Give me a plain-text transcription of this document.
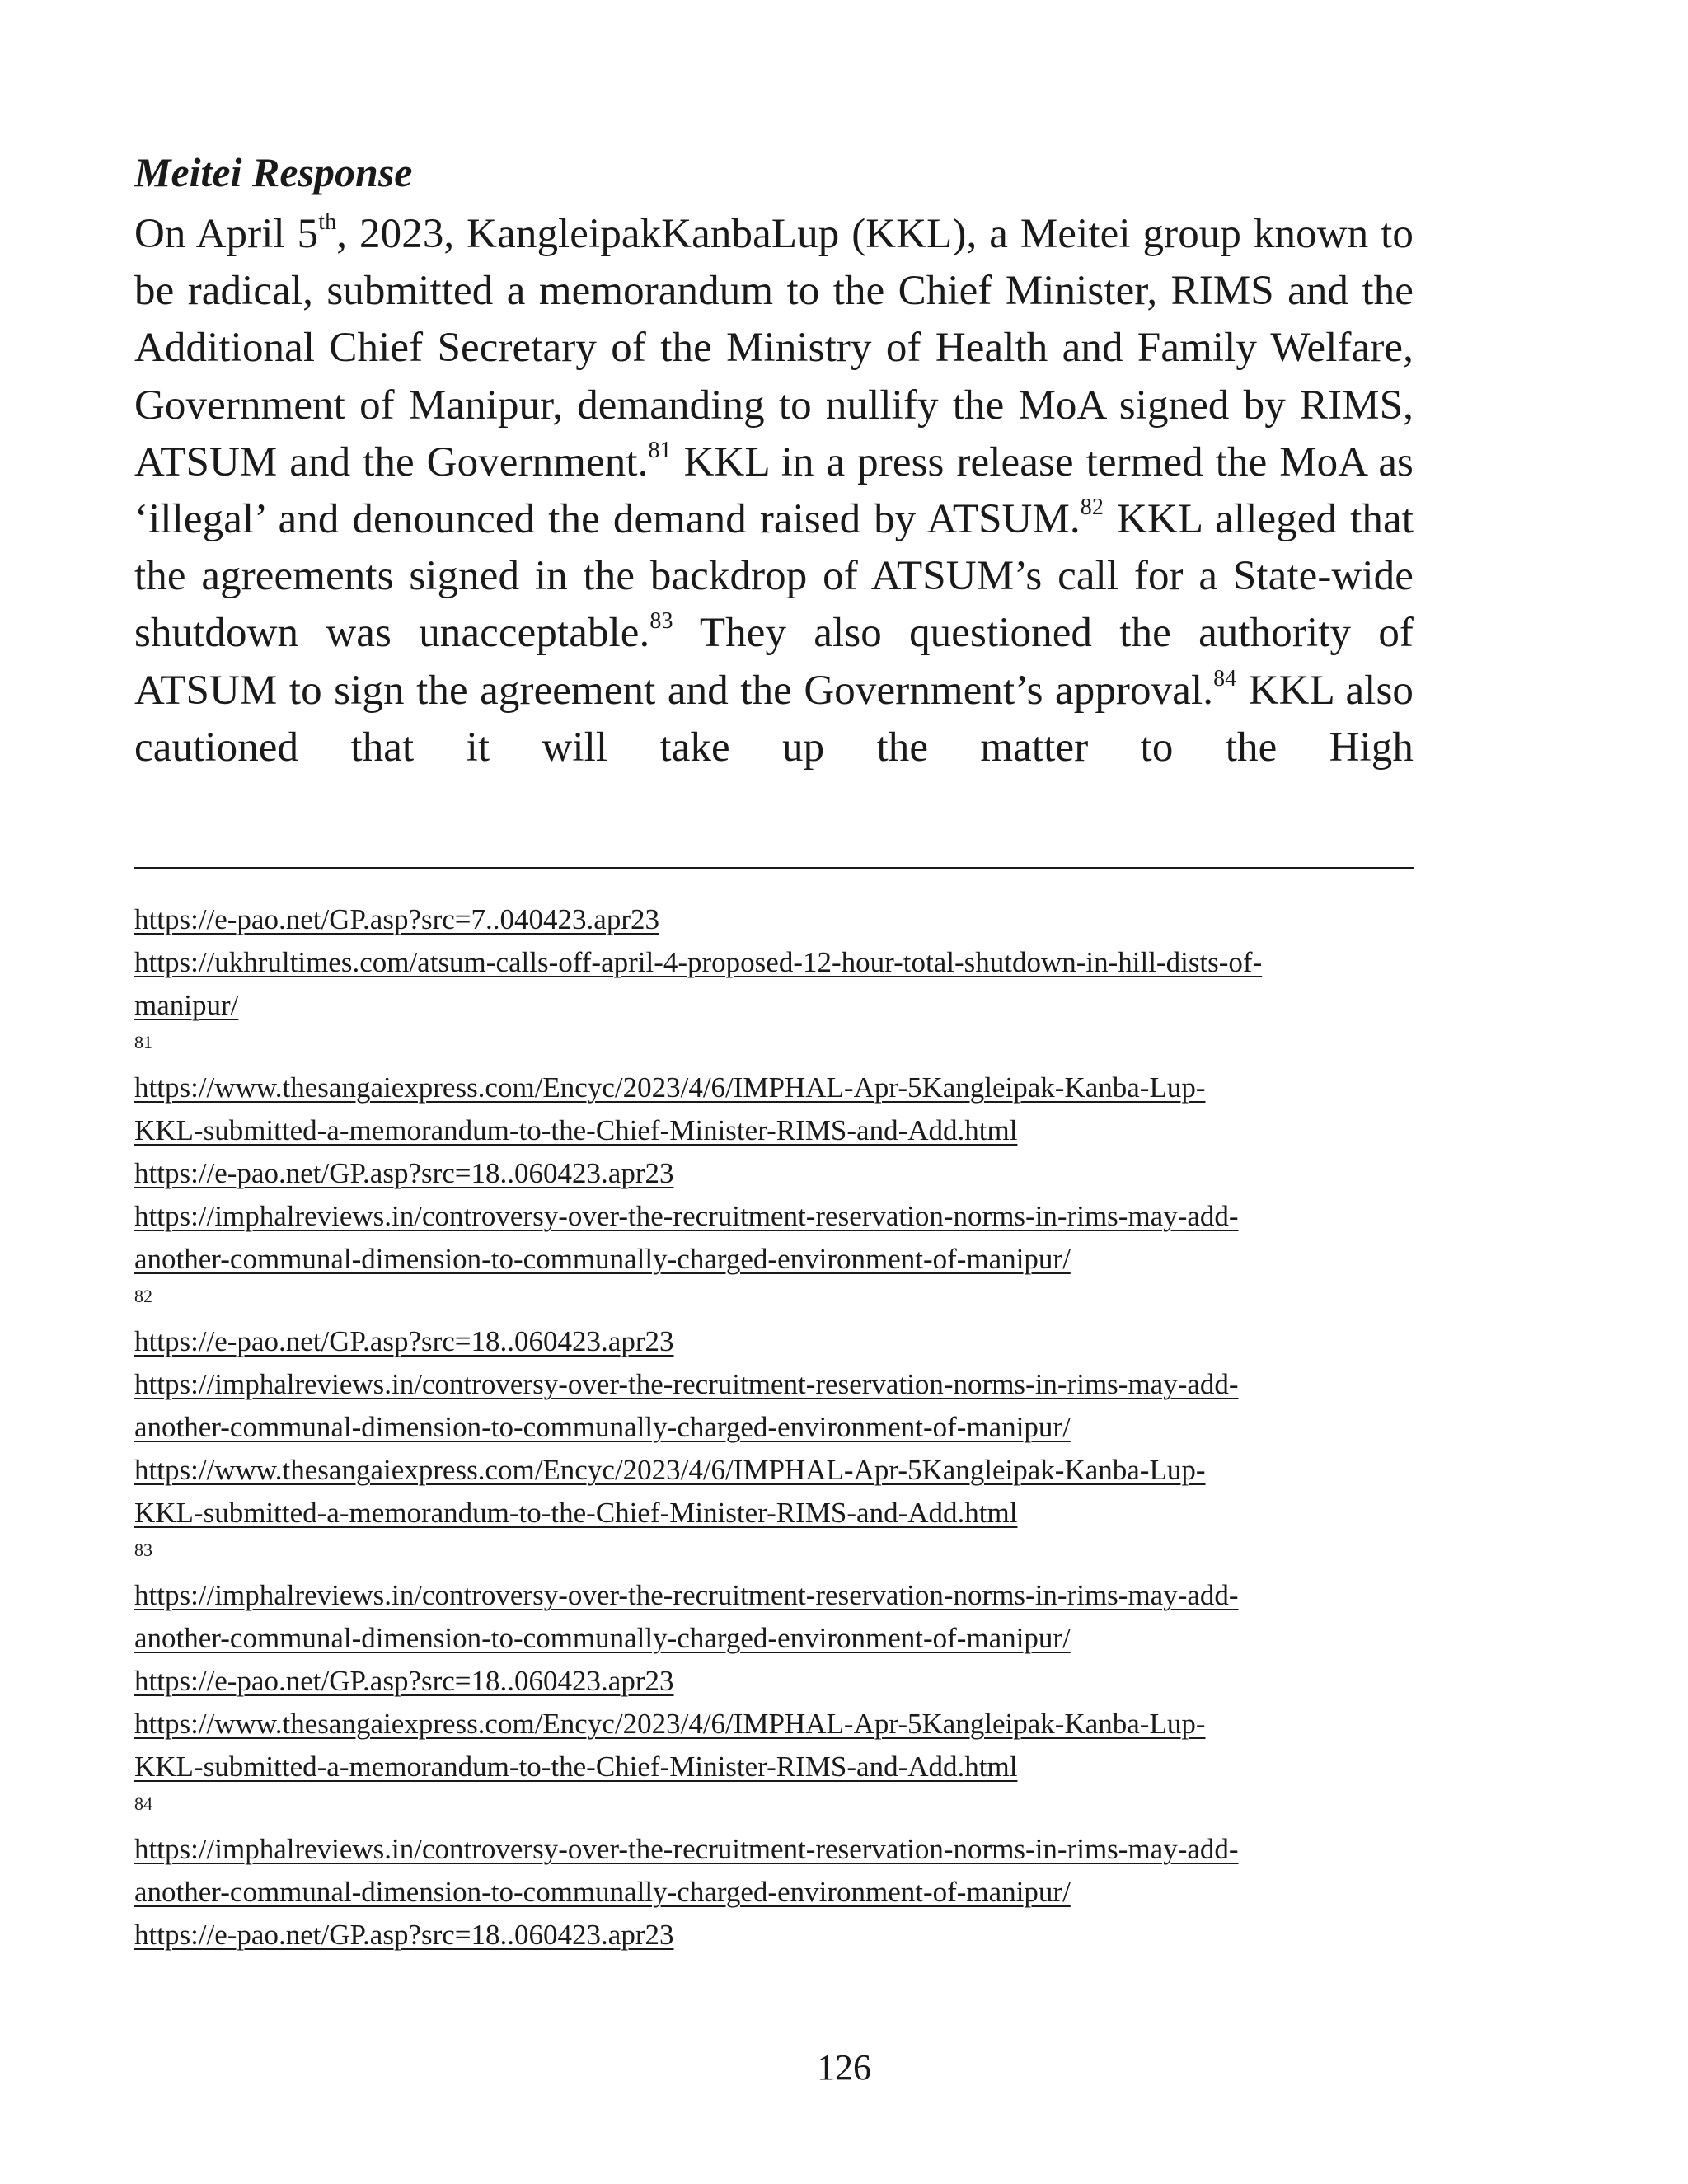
Meitei Response

On April 5th, 2023, KangleipakKanbaLup (KKL), a Meitei group known to be radical, submitted a memorandum to the Chief Minister, RIMS and the Additional Chief Secretary of the Ministry of Health and Family Welfare, Government of Manipur, demanding to nullify the MoA signed by RIMS, ATSUM and the Government.$^{81}$ KKL in a press release termed the MoA as ‘illegal’ and denounced the demand raised by ATSUM.$^{82}$ KKL alleged that the agreements signed in the backdrop of ATSUM’s call for a State-wide shutdown was unacceptable.$^{83}$ They also questioned the authority of ATSUM to sign the agreement and the Government’s approval.$^{84}$ KKL also cautioned that it will take up the matter to the High

https://e-pao.net/GP.asp?src=7..040423.apr23
https://ukhrultimes.com/atsum-calls-off-april-4-proposed-12-hour-total-shutdown-in-hill-dists-of-
manipur/
81
https://www.thesangaiexpress.com/Encyc/2023/4/6/IMPHAL-Apr-5Kangleipak-Kanba-Lup-
KKL-submitted-a-memorandum-to-the-Chief-Minister-RIMS-and-Add.html
https://e-pao.net/GP.asp?src=18..060423.apr23
https://imphalreviews.in/controversy-over-the-recruitment-reservation-norms-in-rims-may-add-
another-communal-dimension-to-communally-charged-environment-of-manipur/
82
https://e-pao.net/GP.asp?src=18..060423.apr23
https://imphalreviews.in/controversy-over-the-recruitment-reservation-norms-in-rims-may-add-
another-communal-dimension-to-communally-charged-environment-of-manipur/
https://www.thesangaiexpress.com/Encyc/2023/4/6/IMPHAL-Apr-5Kangleipak-Kanba-Lup-
KKL-submitted-a-memorandum-to-the-Chief-Minister-RIMS-and-Add.html
83
https://imphalreviews.in/controversy-over-the-recruitment-reservation-norms-in-rims-may-add-
another-communal-dimension-to-communally-charged-environment-of-manipur/
https://e-pao.net/GP.asp?src=18..060423.apr23
https://www.thesangaiexpress.com/Encyc/2023/4/6/IMPHAL-Apr-5Kangleipak-Kanba-Lup-
KKL-submitted-a-memorandum-to-the-Chief-Minister-RIMS-and-Add.html
84
https://imphalreviews.in/controversy-over-the-recruitment-reservation-norms-in-rims-may-add-
another-communal-dimension-to-communally-charged-environment-of-manipur/
https://e-pao.net/GP.asp?src=18..060423.apr23
126
